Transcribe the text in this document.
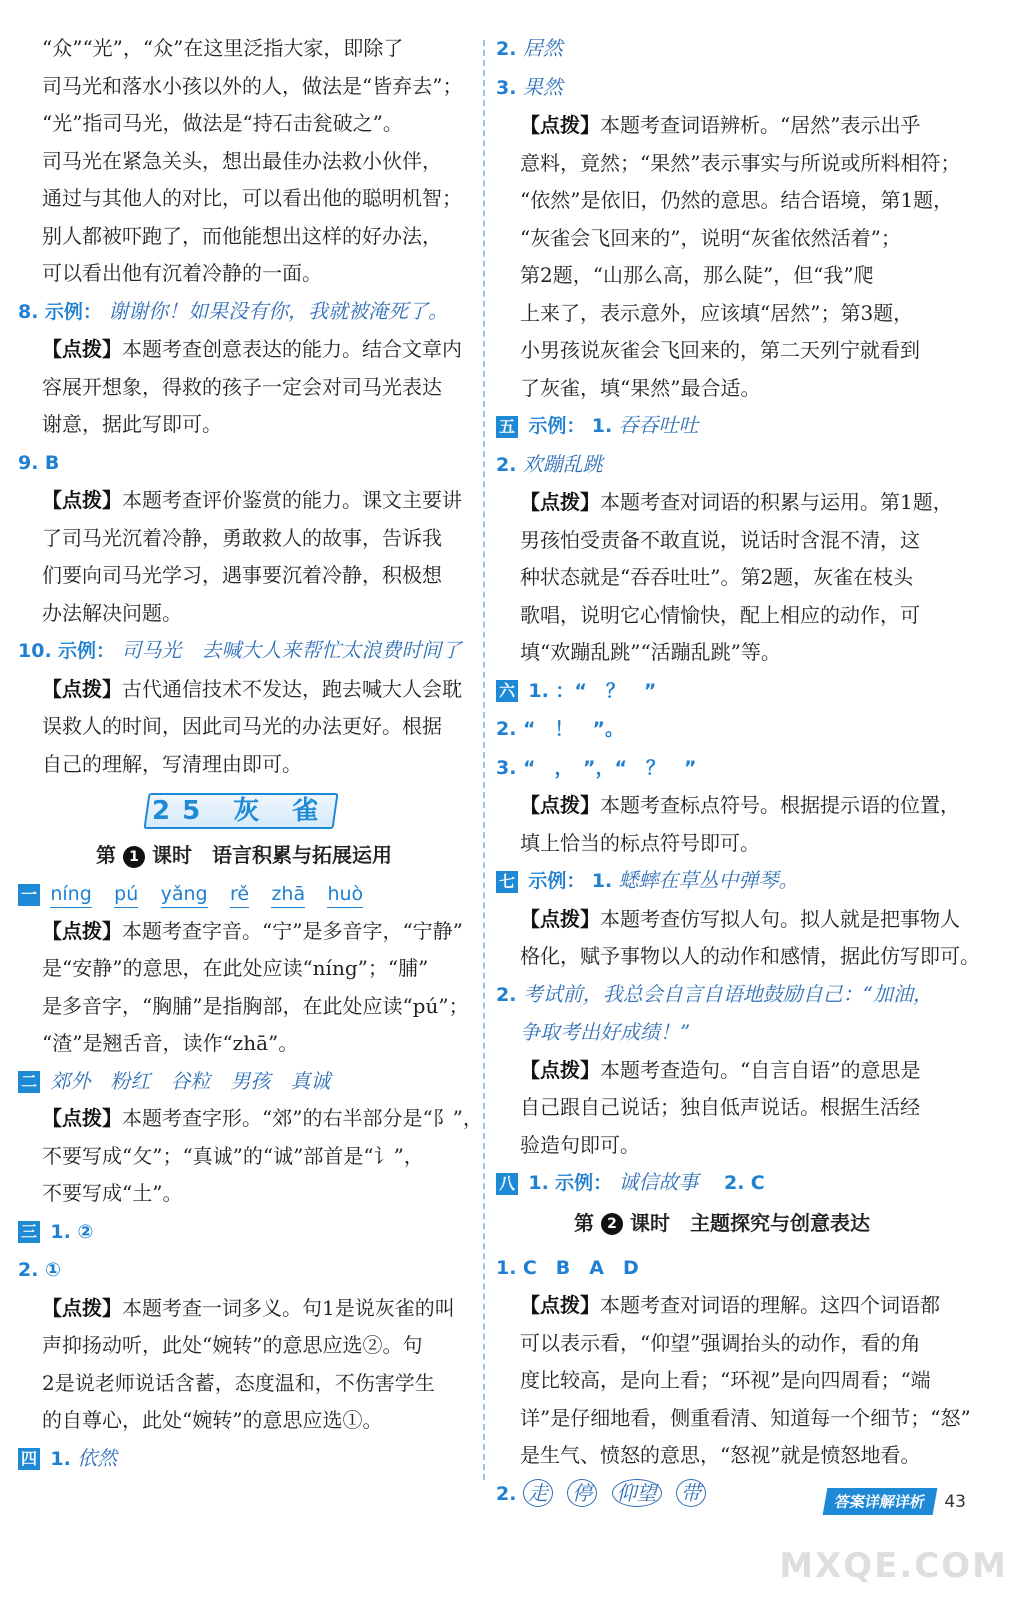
“众”“光”，“众”在这里泛指大家，即除了

司马光和落水小孩以外的人，做法是“皆弃去”；

“光”指司马光，做法是“持石击瓮破之”。

司马光在紧急关头，想出最佳办法救小伙伴，

通过与其他人的对比，可以看出他的聪明机智；

别人都被吓跑了，而他能想出这样的好办法，

可以看出他有沉着冷静的一面。

8. 示例： 谢谢你！如果没有你，我就被淹死了。

【点拨】本题考查创意表达的能力。结合文章内

容展开想象，得救的孩子一定会对司马光表达

谢意，据此写即可。

9. B

【点拨】本题考查评价鉴赏的能力。课文主要讲

了司马光沉着冷静，勇敢救人的故事，告诉我

们要向司马光学习，遇事要沉着冷静，积极想

办法解决问题。

10. 示例： 司马光　去喊大人来帮忙太浪费时间了

【点拨】古代通信技术不发达，跑去喊大人会耽

误救人的时间，因此司马光的办法更好。根据

自己的理解，写清理由即可。

25 灰 雀

第 1 课时　语言积累与拓展运用

一 níng pú yǎng rě zhā huò

【点拨】本题考查字音。“宁”是多音字，“宁静”

是“安静”的意思，在此处应读“níng”；“脯”

是多音字，“胸脯”是指胸部，在此处应读“pú”；

“渣”是翘舌音，读作“zhā”。

二 郊外　粉红　谷粒　男孩　真诚

【点拨】本题考查字形。“郊”的右半部分是“阝”，

不要写成“攵”；“真诚”的“诚”部首是“讠”，

不要写成“土”。

三 1. ②

2. ①

【点拨】本题考查一词多义。句1是说灰雀的叫

声抑扬动听，此处“婉转”的意思应选②。句

2是说老师说话含蓄，态度温和，不伤害学生

的自尊心，此处“婉转”的意思应选①。

四 1. 依然

2. 居然

3. 果然

【点拨】本题考查词语辨析。“居然”表示出乎

意料，竟然；“果然”表示事实与所说或所料相符；

“依然”是依旧，仍然的意思。结合语境，第1题，

“灰雀会飞回来的”，说明“灰雀依然活着”；

第2题，“山那么高，那么陡”，但“我”爬

上来了，表示意外，应该填“居然”；第3题，

小男孩说灰雀会飞回来的，第二天列宁就看到

了灰雀，填“果然”最合适。

五 示例： 1. 吞吞吐吐

2. 欢蹦乱跳

【点拨】本题考查对词语的积累与运用。第1题，

男孩怕受责备不敢直说，说话时含混不清，这

种状态就是“吞吞吐吐”。第2题，灰雀在枝头

歌唱，说明它心情愉快，配上相应的动作，可

填“欢蹦乱跳”“活蹦乱跳”等。

六 1. ：“　？　”

2. “　！　”。

3. “　，　”，“　？　”

【点拨】本题考查标点符号。根据提示语的位置，

填上恰当的标点符号即可。

七 示例： 1. 蟋蟀在草丛中弹琴。

【点拨】本题考查仿写拟人句。拟人就是把事物人

格化，赋予事物以人的动作和感情，据此仿写即可。

2. 考试前，我总会自言自语地鼓励自己：“加油，

争取考出好成绩！”

【点拨】本题考查造句。“自言自语”的意思是

自己跟自己说话；独自低声说话。根据生活经

验造句即可。

八 1. 示例： 诚信故事 2. C

第 2 课时　主题探究与创意表达

1. C　B　A　D

【点拨】本题考查对词语的理解。这四个词语都

可以表示看，“仰望”强调抬头的动作，看的角

度比较高，是向上看；“环视”是向四周看；“端

详”是仔细地看，侧重看清、知道每一个细节；“怒”

是生气、愤怒的意思，“怒视”就是愤怒地看。

2. 走 停 仰望 带	答案详解详析 43
MXQE.COM
